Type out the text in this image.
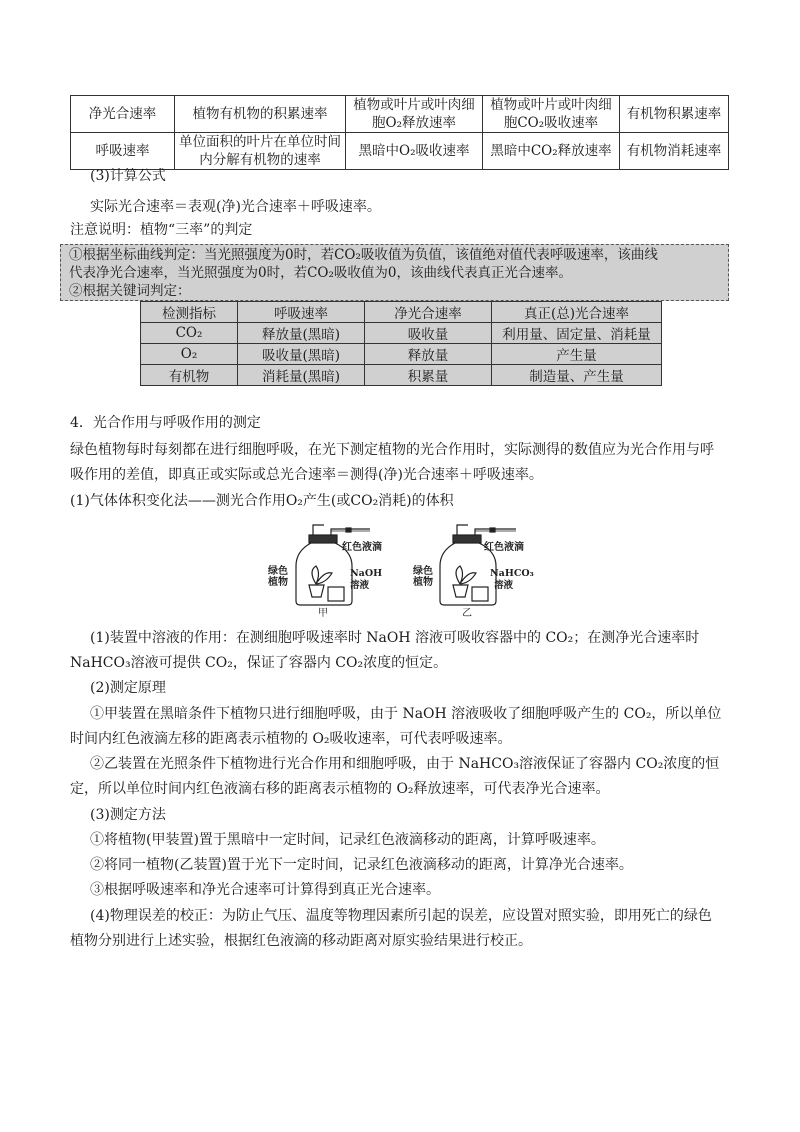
净光合速率	植物有机物的积累速率	植物或叶片或叶肉细胞O₂释放速率	植物或叶片或叶肉细胞CO₂吸收速率	有机物积累速率
呼吸速率	单位面积的叶片在单位时间内分解有机物的速率	黑暗中O₂吸收速率	黑暗中CO₂释放速率	有机物消耗速率
(3)计算公式
实际光合速率＝表观(净)光合速率＋呼吸速率。
注意说明：植物“三率”的判定
①根据坐标曲线判定：当光照强度为0时，若CO₂吸收值为负值，该值绝对值代表呼吸速率，该曲线
代表净光合速率，当光照强度为0时，若CO₂吸收值为0，该曲线代表真正光合速率。
②根据关键词判定：
检测指标	呼吸速率	净光合速率	真正(总)光合速率
CO₂	释放量(黑暗)	吸收量	利用量、固定量、消耗量
O₂	吸收量(黑暗)	释放量	产生量
有机物	消耗量(黑暗)	积累量	制造量、产生量
4．光合作用与呼吸作用的测定
绿色植物每时每刻都在进行细胞呼吸，在光下测定植物的光合作用时，实际测得的数值应为光合作用与呼
吸作用的差值，即真正或实际或总光合速率＝测得(净)光合速率＋呼吸速率。
(1)气体体积变化法——测光合作用O₂产生(或CO₂消耗)的体积
红色液滴
绿色
植物
NaOH
溶液
甲
红色液滴
绿色
植物
NaHCO₃
溶液
乙
(1)装置中溶液的作用：在测细胞呼吸速率时 NaOH 溶液可吸收容器中的 CO₂；在测净光合速率时
NaHCO₃溶液可提供 CO₂，保证了容器内 CO₂浓度的恒定。
(2)测定原理
①甲装置在黑暗条件下植物只进行细胞呼吸，由于 NaOH 溶液吸收了细胞呼吸产生的 CO₂，所以单位
时间内红色液滴左移的距离表示植物的 O₂吸收速率，可代表呼吸速率。
②乙装置在光照条件下植物进行光合作用和细胞呼吸，由于 NaHCO₃溶液保证了容器内 CO₂浓度的恒
定，所以单位时间内红色液滴右移的距离表示植物的 O₂释放速率，可代表净光合速率。
(3)测定方法
①将植物(甲装置)置于黑暗中一定时间，记录红色液滴移动的距离，计算呼吸速率。
②将同一植物(乙装置)置于光下一定时间，记录红色液滴移动的距离，计算净光合速率。
③根据呼吸速率和净光合速率可计算得到真正光合速率。
(4)物理误差的校正：为防止气压、温度等物理因素所引起的误差，应设置对照实验，即用死亡的绿色
植物分别进行上述实验，根据红色液滴的移动距离对原实验结果进行校正。
